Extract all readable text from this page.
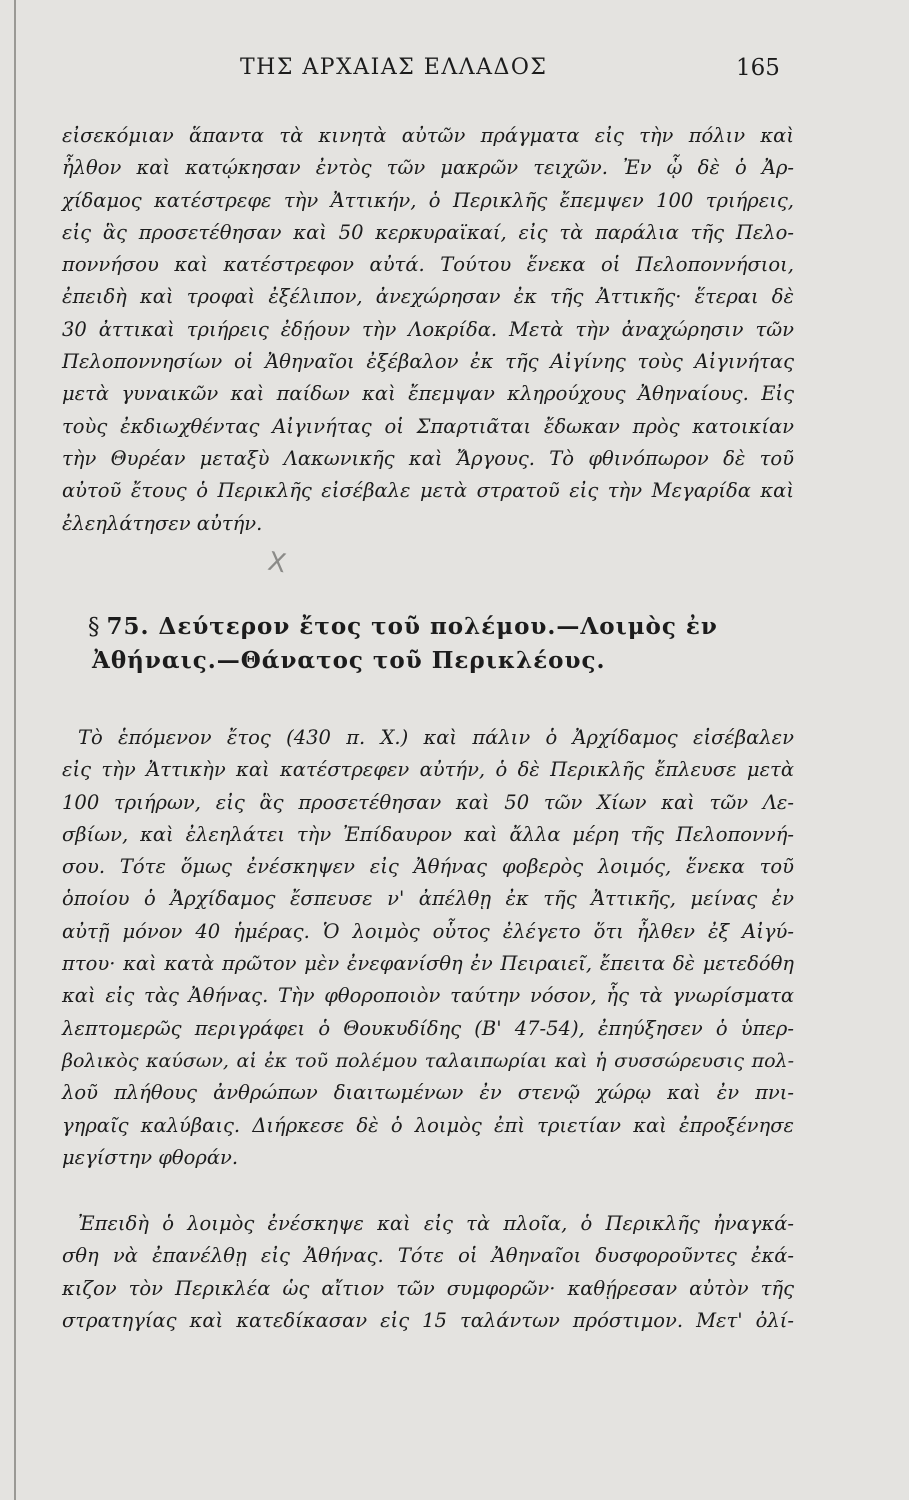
ΤΗΣ ΑΡΧΑΙΑΣ ΕΛΛΑΔΟΣ	165
εἰσεκόμιαν ἅπαντα τὰ κινητὰ αὐτῶν πράγματα εἰς τὴν πόλιν καὶ
ἦλθον καὶ κατῴκησαν ἐντὸς τῶν μακρῶν τειχῶν. Ἐν ᾧ δὲ ὁ Ἀρ-
χίδαμος κατέστρεφε τὴν Ἀττικήν, ὁ Περικλῆς ἔπεμψεν 100 τριήρεις,
εἰς ἃς προσετέθησαν καὶ 50 κερκυραϊκαί, εἰς τὰ παράλια τῆς Πελο-
ποννήσου καὶ κατέστρεφον αὐτά. Τούτου ἕνεκα οἱ Πελοποννήσιοι,
ἐπειδὴ καὶ τροφαὶ ἐξέλιπον, ἀνεχώρησαν ἐκ τῆς Ἀττικῆς· ἕτεραι δὲ
30 ἀττικαὶ τριήρεις ἐδῄουν τὴν Λοκρίδα. Μετὰ τὴν ἀναχώρησιν τῶν
Πελοποννησίων οἱ Ἀθηναῖοι ἐξέβαλον ἐκ τῆς Αἰγίνης τοὺς Αἰγινήτας
μετὰ γυναικῶν καὶ παίδων καὶ ἔπεμψαν κληρούχους Ἀθηναίους. Εἰς
τοὺς ἐκδιωχθέντας Αἰγινήτας οἱ Σπαρτιᾶται ἔδωκαν πρὸς κατοικίαν
τὴν Θυρέαν μεταξὺ Λακωνικῆς καὶ Ἄργους. Τὸ φθινόπωρον δὲ τοῦ
αὐτοῦ ἔτους ὁ Περικλῆς εἰσέβαλε μετὰ στρατοῦ εἰς τὴν Μεγαρίδα καὶ
ἐλεηλάτησεν αὐτήν.
X
§ 75. Δεύτερον ἔτος τοῦ πολέμου.—Λοιμὸς ἐν
Ἀθήναις.—Θάνατος τοῦ Περικλέους.
Τὸ ἑπόμενον ἔτος (430 π. Χ.) καὶ πάλιν ὁ Ἀρχίδαμος εἰσέβαλεν
εἰς τὴν Ἀττικὴν καὶ κατέστρεφεν αὐτήν, ὁ δὲ Περικλῆς ἔπλευσε μετὰ
100 τριήρων, εἰς ἃς προσετέθησαν καὶ 50 τῶν Χίων καὶ τῶν Λε-
σβίων, καὶ ἐλεηλάτει τὴν Ἐπίδαυρον καὶ ἄλλα μέρη τῆς Πελοποννή-
σου. Τότε ὅμως ἐνέσκηψεν εἰς Ἀθήνας φοβερὸς λοιμός, ἕνεκα τοῦ
ὁποίου ὁ Ἀρχίδαμος ἔσπευσε ν' ἀπέλθῃ ἐκ τῆς Ἀττικῆς, μείνας ἐν
αὐτῇ μόνον 40 ἡμέρας. Ὁ λοιμὸς οὗτος ἐλέγετο ὅτι ἦλθεν ἐξ Αἰγύ-
πτου· καὶ κατὰ πρῶτον μὲν ἐνεφανίσθη ἐν Πειραιεῖ, ἔπειτα δὲ μετεδόθη
καὶ εἰς τὰς Ἀθήνας. Τὴν φθοροποιὸν ταύτην νόσον, ἧς τὰ γνωρίσματα
λεπτομερῶς περιγράφει ὁ Θουκυδίδης (Β' 47-54), ἐπηύξησεν ὁ ὑπερ-
βολικὸς καύσων, αἱ ἐκ τοῦ πολέμου ταλαιπωρίαι καὶ ἡ συσσώρευσις πολ-
λοῦ πλήθους ἀνθρώπων διαιτωμένων ἐν στενῷ χώρῳ καὶ ἐν πνι-
γηραῖς καλύβαις. Διήρκεσε δὲ ὁ λοιμὸς ἐπὶ τριετίαν καὶ ἐπροξένησε
μεγίστην φθοράν.
Ἐπειδὴ ὁ λοιμὸς ἐνέσκηψε καὶ εἰς τὰ πλοῖα, ὁ Περικλῆς ἠναγκά-
σθη νὰ ἐπανέλθῃ εἰς Ἀθήνας. Τότε οἱ Ἀθηναῖοι δυσφοροῦντες ἐκά-
κιζον τὸν Περικλέα ὡς αἴτιον τῶν συμφορῶν· καθῄρεσαν αὐτὸν τῆς
στρατηγίας καὶ κατεδίκασαν εἰς 15 ταλάντων πρόστιμον. Μετ' ὀλί-
